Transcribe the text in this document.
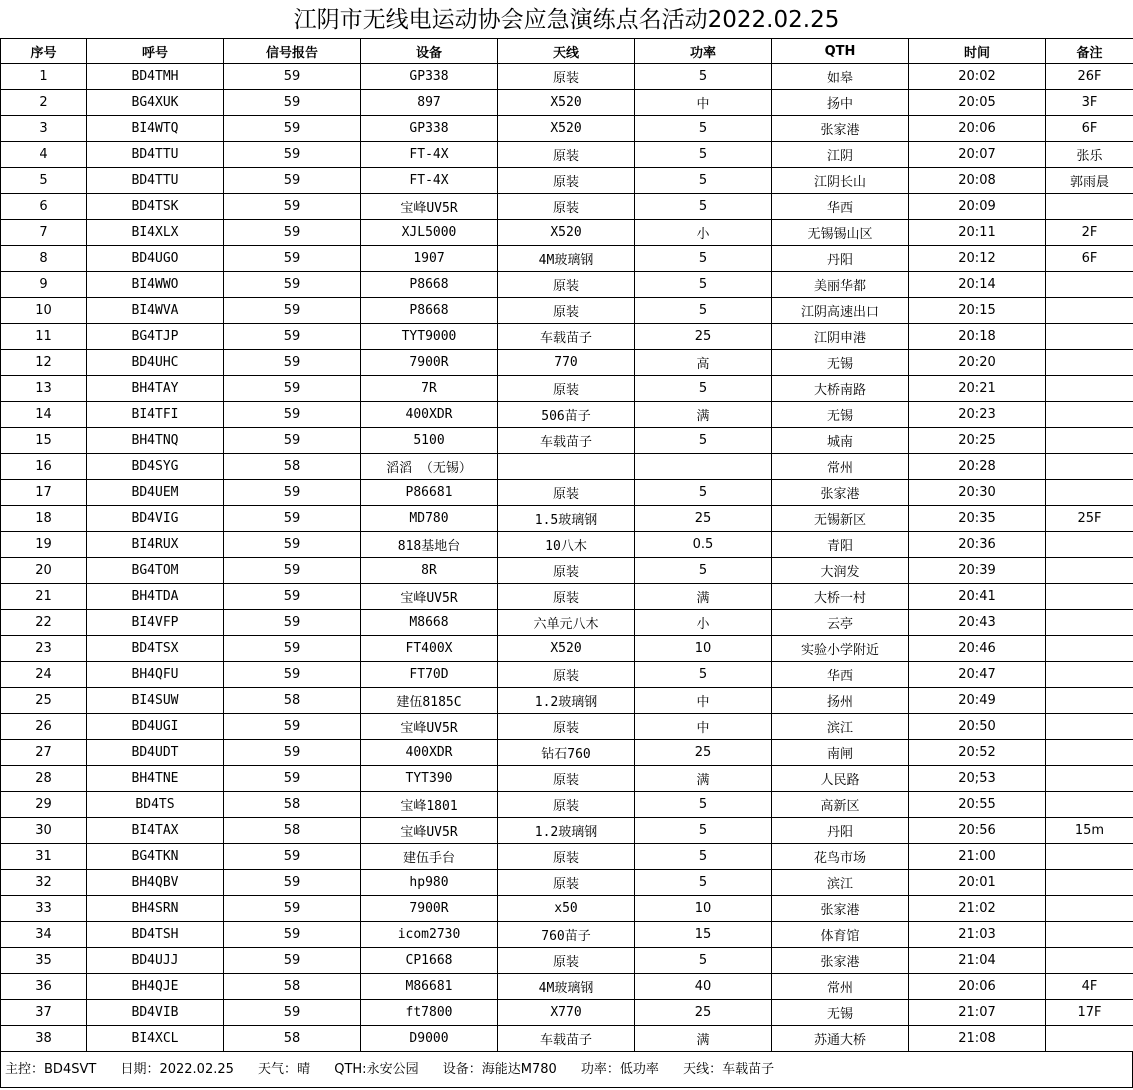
江阴市无线电运动协会应急演练点名活动2022.02.25
序号	呼号	信号报告	设备	天线	功率	QTH	时间	备注
1	BD4TMH	59	GP338	原装	5	如皋	20:02	26F
2	BG4XUK	59	897	X520	中	扬中	20:05	3F
3	BI4WTQ	59	GP338	X520	5	张家港	20:06	6F
4	BD4TTU	59	FT-4X	原装	5	江阴	20:07	张乐
5	BD4TTU	59	FT-4X	原装	5	江阴长山	20:08	郭雨晨
6	BD4TSK	59	宝峰UV5R	原装	5	华西	20:09	
7	BI4XLX	59	XJL5000	X520	小	无锡锡山区	20:11	2F
8	BD4UGO	59	1907	4M玻璃钢	5	丹阳	20:12	6F
9	BI4WWO	59	P8668	原装	5	美丽华都	20:14	
10	BI4WVA	59	P8668	原装	5	江阴高速出口	20:15	
11	BG4TJP	59	TYT9000	车载苗子	25	江阴申港	20:18	
12	BD4UHC	59	7900R	770	高	无锡	20:20	
13	BH4TAY	59	7R	原装	5	大桥南路	20:21	
14	BI4TFI	59	400XDR	506苗子	满	无锡	20:23	
15	BH4TNQ	59	5100	车载苗子	5	城南	20:25	
16	BD4SYG	58	滔滔 （无锡）			常州	20:28	
17	BD4UEM	59	P86681	原装	5	张家港	20:30	
18	BD4VIG	59	MD780	1.5玻璃钢	25	无锡新区	20:35	25F
19	BI4RUX	59	818基地台	10八木	0.5	青阳	20:36	
20	BG4TOM	59	8R	原装	5	大润发	20:39	
21	BH4TDA	59	宝峰UV5R	原装	满	大桥一村	20:41	
22	BI4VFP	59	M8668	六单元八木	小	云亭	20:43	
23	BD4TSX	59	FT400X	X520	10	实验小学附近	20:46	
24	BH4QFU	59	FT70D	原装	5	华西	20:47	
25	BI4SUW	58	建伍8185C	1.2玻璃钢	中	扬州	20:49	
26	BD4UGI	59	宝峰UV5R	原装	中	滨江	20:50	
27	BD4UDT	59	400XDR	钻石760	25	南闸	20:52	
28	BH4TNE	59	TYT390	原装	满	人民路	20;53	
29	BD4TS	58	宝峰1801	原装	5	高新区	20:55	
30	BI4TAX	58	宝峰UV5R	1.2玻璃钢	5	丹阳	20:56	15m
31	BG4TKN	59	建伍手台	原装	5	花鸟市场	21:00	
32	BH4QBV	59	hp980	原装	5	滨江	20:01	
33	BH4SRN	59	7900R	x50	10	张家港	21:02	
34	BD4TSH	59	icom2730	760苗子	15	体育馆	21:03	
35	BD4UJJ	59	CP1668	原装	5	张家港	21:04	
36	BH4QJE	58	M86681	4M玻璃钢	40	常州	20:06	4F
37	BD4VIB	59	ft7800	X770	25	无锡	21:07	17F
38	BI4XCL	58	D9000	车载苗子	满	苏通大桥	21:08	
主控：BD4SVT 日期：2022.02.25 天气：晴 QTH:永安公园 设备：海能达M780 功率：低功率 天线：车载苗子
